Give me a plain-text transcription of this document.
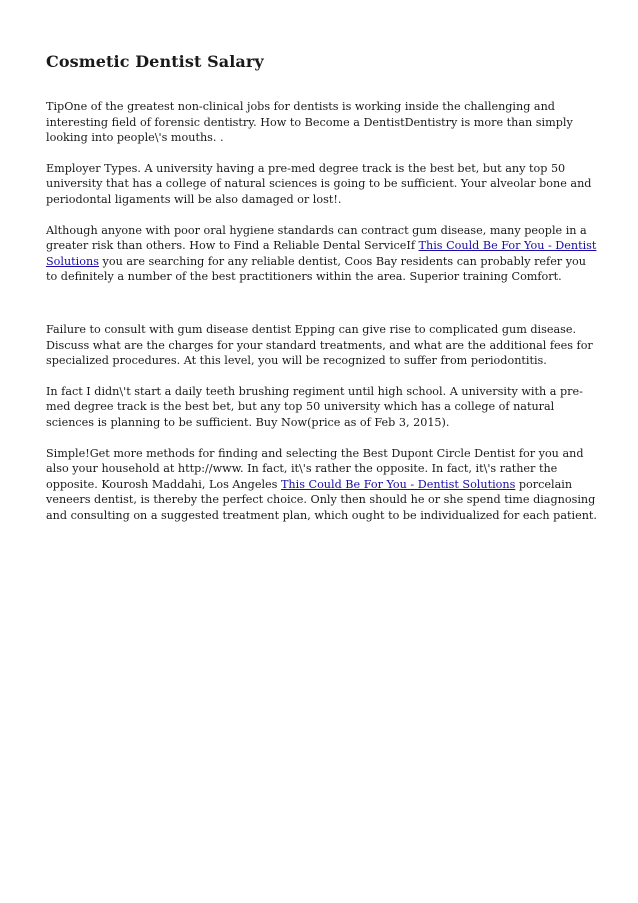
Cosmetic Dentist Salary

TipOne of the greatest non-clinical jobs for dentists is working inside the challenging and interesting field of forensic dentistry. How to Become a DentistDentistry is more than simply looking into people\'s mouths. .

Employer Types. A university having a pre-med degree track is the best bet, but any top 50 university that has a college of natural sciences is going to be sufficient. Your alveolar bone and periodontal ligaments will be also damaged or lost!.

Although anyone with poor oral hygiene standards can contract gum disease, many people in a greater risk than others. How to Find a Reliable Dental ServiceIf This Could Be For You - Dentist Solutions you are searching for any reliable dentist, Coos Bay residents can probably refer you to definitely a number of the best practitioners within the area. Superior training Comfort.

Failure to consult with gum disease dentist Epping can give rise to complicated gum disease. Discuss what are the charges for your standard treatments, and what are the additional fees for specialized procedures. At this level, you will be recognized to suffer from periodontitis.

In fact I didn\'t start a daily teeth brushing regiment until high school. A university with a pre-med degree track is the best bet, but any top 50 university which has a college of natural sciences is planning to be sufficient. Buy Now(price as of Feb 3, 2015).

Simple!Get more methods for finding and selecting the Best Dupont Circle Dentist for you and also your household at http://www. In fact, it\'s rather the opposite. In fact, it\'s rather the opposite. Kourosh Maddahi, Los Angeles This Could Be For You - Dentist Solutions porcelain veneers dentist, is thereby the perfect choice. Only then should he or she spend time diagnosing and consulting on a suggested treatment plan, which ought to be individualized for each patient.
